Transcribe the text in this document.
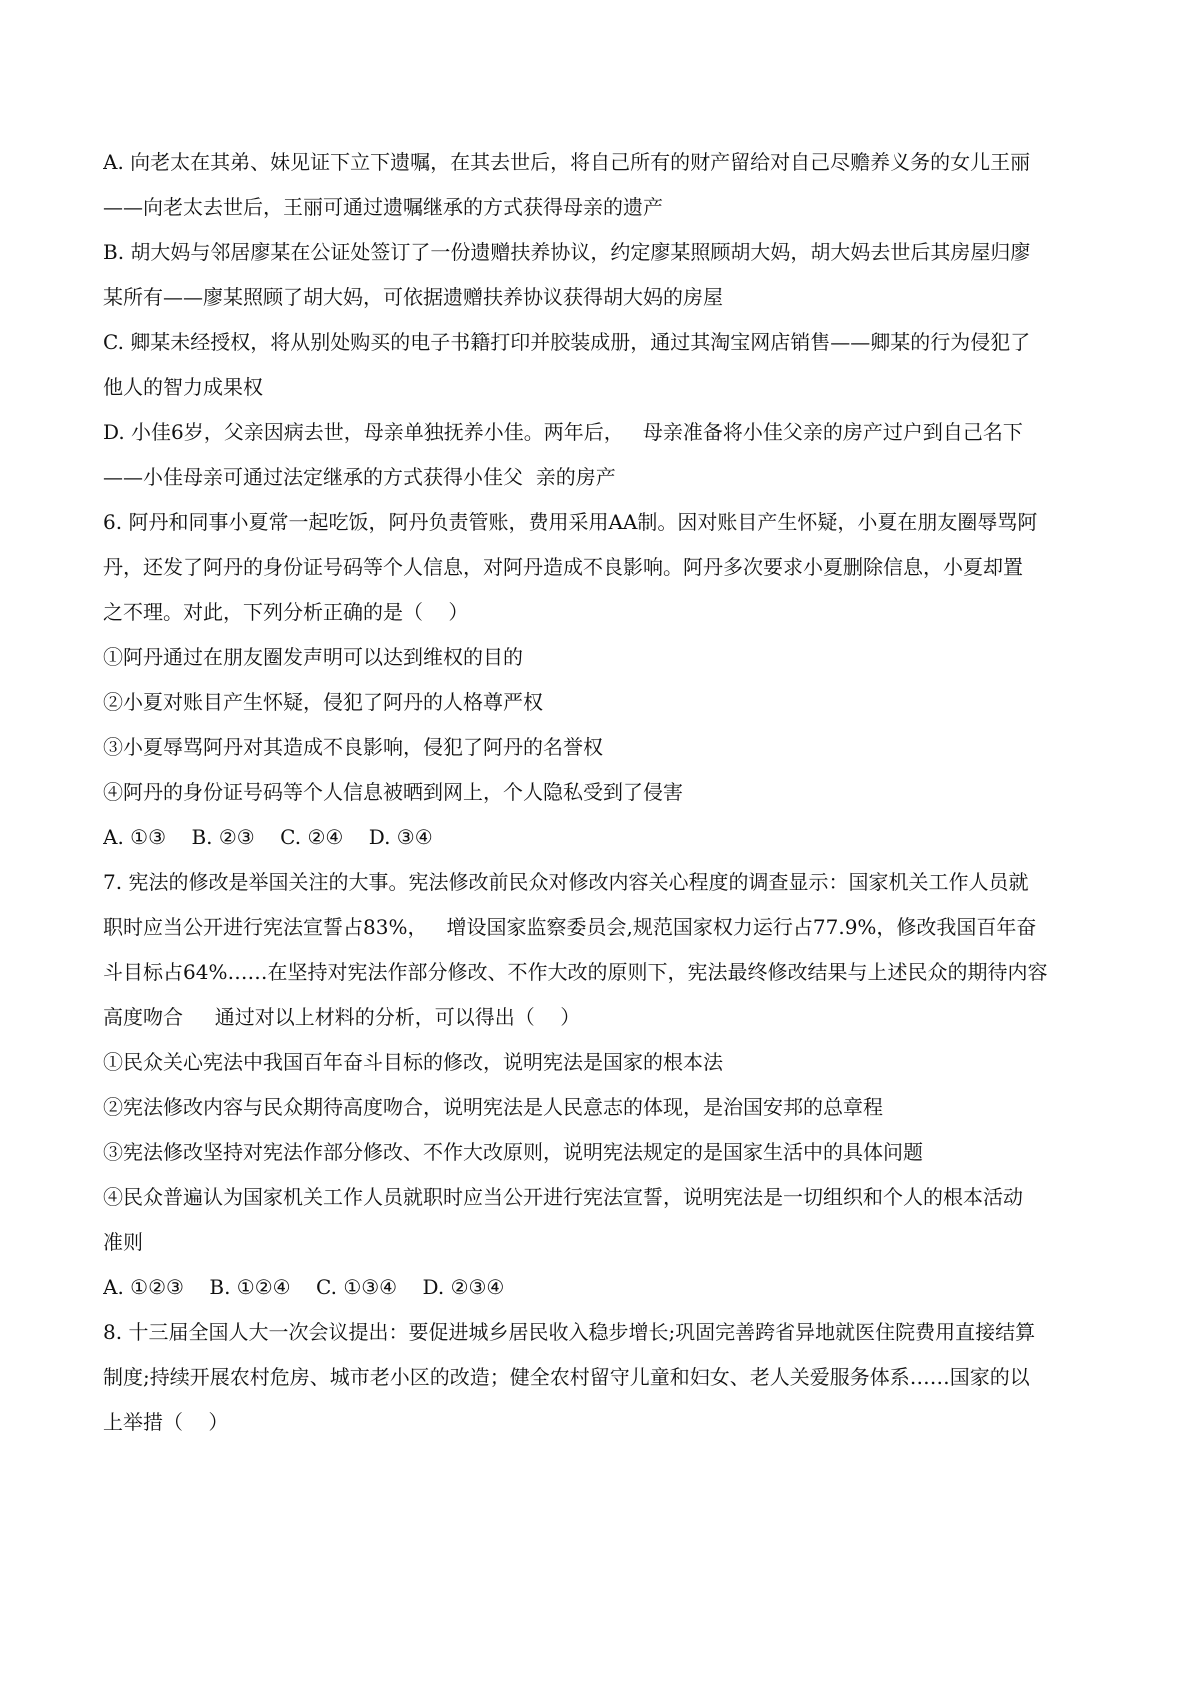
A. 向老太在其弟、妹见证下立下遗嘱，在其去世后，将自己所有的财产留给对自己尽赡养义务的女儿王丽
——向老太去世后，王丽可通过遗嘱继承的方式获得母亲的遗产
B. 胡大妈与邻居廖某在公证处签订了一份遗赠扶养协议，约定廖某照顾胡大妈，胡大妈去世后其房屋归廖
某所有——廖某照顾了胡大妈，可依据遗赠扶养协议获得胡大妈的房屋
C. 卿某未经授权，将从别处购买的电子书籍打印并胶装成册，通过其淘宝网店销售——卿某的行为侵犯了
他人的智力成果权
D. 小佳6岁，父亲因病去世，母亲单独抚养小佳。两年后，   母亲准备将小佳父亲的房产过户到自己名下
——小佳母亲可通过法定继承的方式获得小佳父  亲的房产
6. 阿丹和同事小夏常一起吃饭，阿丹负责管账，费用采用AA制。因对账目产生怀疑，小夏在朋友圈辱骂阿
丹，还发了阿丹的身份证号码等个人信息，对阿丹造成不良影响。阿丹多次要求小夏删除信息，小夏却置
之不理。对此，下列分析正确的是（    ）
①阿丹通过在朋友圈发声明可以达到维权的目的
②小夏对账目产生怀疑，侵犯了阿丹的人格尊严权
③小夏辱骂阿丹对其造成不良影响，侵犯了阿丹的名誉权
④阿丹的身份证号码等个人信息被晒到网上，个人隐私受到了侵害
A. ①③    B. ②③    C. ②④    D. ③④
7. 宪法的修改是举国关注的大事。宪法修改前民众对修改内容关心程度的调查显示：国家机关工作人员就
职时应当公开进行宪法宣誓占83%，   增设国家监察委员会,规范国家权力运行占77.9%，修改我国百年奋
斗目标占64%……在坚持对宪法作部分修改、不作大改的原则下，宪法最终修改结果与上述民众的期待内容
高度吻合     通过对以上材料的分析，可以得出（    ）
①民众关心宪法中我国百年奋斗目标的修改，说明宪法是国家的根本法
②宪法修改内容与民众期待高度吻合，说明宪法是人民意志的体现，是治国安邦的总章程
③宪法修改坚持对宪法作部分修改、不作大改原则，说明宪法规定的是国家生活中的具体问题
④民众普遍认为国家机关工作人员就职时应当公开进行宪法宣誓，说明宪法是一切组织和个人的根本活动
准则
A. ①②③    B. ①②④    C. ①③④    D. ②③④
8. 十三届全国人大一次会议提出：要促进城乡居民收入稳步增长;巩固完善跨省异地就医住院费用直接结算
制度;持续开展农村危房、城市老小区的改造；健全农村留守儿童和妇女、老人关爱服务体系……国家的以
上举措（    ）
